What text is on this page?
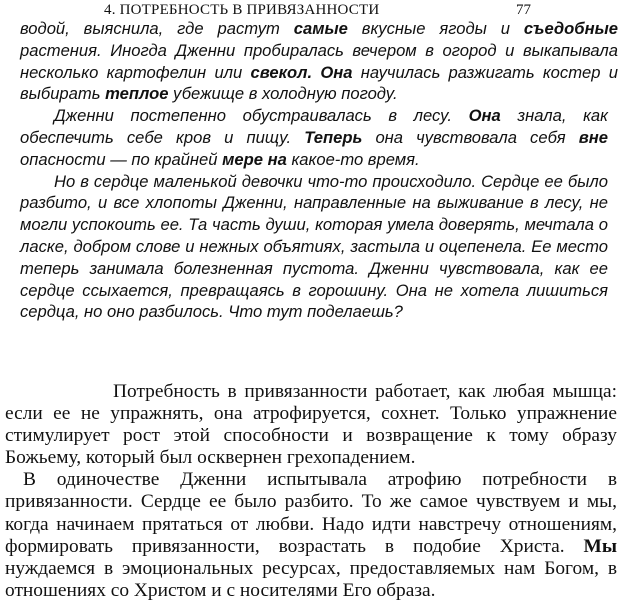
4. ПОТРЕБНОСТЬ В ПРИВЯЗАННОСТИ	77

водой, выяснила, где растут самые вкусные ягоды и съедобные растения. Иногда Дженни пробиралась вечером в огород и выкапывала несколько картофелин или свекол. Она научилась разжигать костер и выбирать теплое убежище в холодную погоду.

Дженни постепенно обустраивалась в лесу. Она знала, как обеспечить себе кров и пищу. Теперь она чувствовала себя вне опасности — по крайней мере на какое-то время.

Но в сердце маленькой девочки что-то происходило. Сердце ее было разбито, и все хлопоты Дженни, направленные на выживание в лесу, не могли успокоить ее. Та часть души, которая умела доверять, мечтала о ласке, добром слове и нежных объятиях, застыла и оцепенела. Ее место теперь занимала болезненная пустота. Дженни чувствовала, как ее сердце ссыхается, превращаясь в горошину. Она не хотела лишиться сердца, но оно разбилось. Что тут поделаешь?

Потребность в привязанности работает, как любая мышца: если ее не упражнять, она атрофируется, сохнет. Только упражнение стимулирует рост этой способности и возвращение к тому образу Божьему, который был осквернен грехопадением.

В одиночестве Дженни испытывала атрофию потребности в привязанности. Сердце ее было разбито. То же самое чувствуем и мы, когда начинаем прятаться от любви. Надо идти навстречу отношениям, формировать привязанности, возрастать в подобие Христа. Мы нуждаемся в эмоциональных ресурсах, предоставляемых нам Богом, в отношениях со Христом и с носителями Его образа.
